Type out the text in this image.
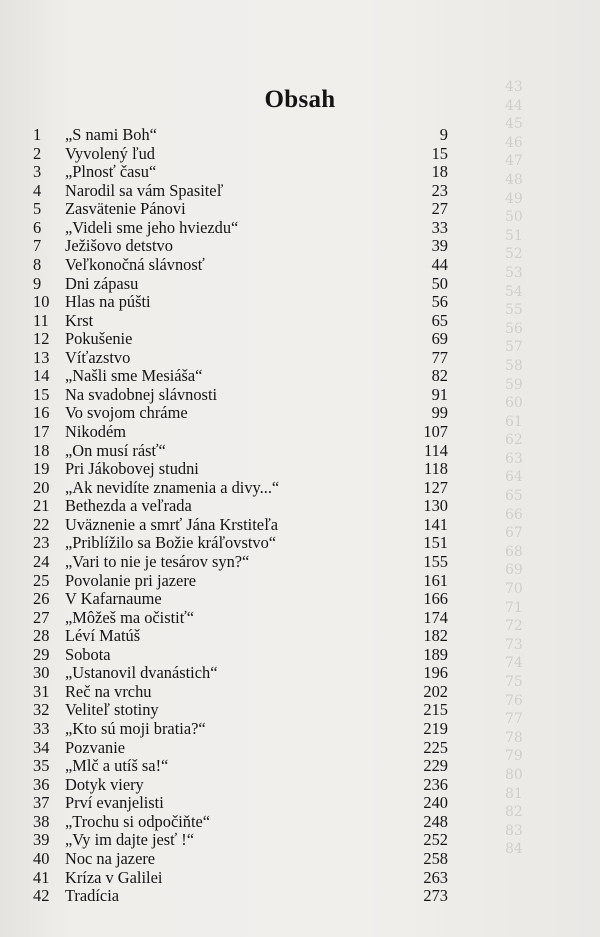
43
44
45
46
47
48
49
50
51
52
53
54
55
56
57
58
59
60
61
62
63
64
65
66
67
68
69
70
71
72
73
74
75
76
77
78
79
80
81
82
83
84
Obsah
1	„S nami Boh“	9
2	Vyvolený ľud	15
3	„Plnosť času“	18
4	Narodil sa vám Spasiteľ	23
5	Zasvätenie Pánovi	27
6	„Videli sme jeho hviezdu“	33
7	Ježišovo detstvo	39
8	Veľkonočná slávnosť	44
9	Dni zápasu	50
10 Hlas na púšti	56
11 Krst	65
12 Pokušenie	69
13 Víťazstvo	77
14 „Našli sme Mesiáša“	82
15 Na svadobnej slávnosti	91
16 Vo svojom chráme	99
17 Nikodém	107
18 „On musí rásť“	114
19 Pri Jákobovej studni	118
20 „Ak nevidíte znamenia a divy...“	127
21 Bethezda a veľrada	130
22 Uväznenie a smrť Jána Krstiteľa	141
23 „Priblížilo sa Božie kráľovstvo“	151
24 „Vari to nie je tesárov syn?“	155
25 Povolanie pri jazere	161
26 V Kafarnaume	166
27 „Môžeš ma očistiť“	174
28 Léví Matúš	182
29 Sobota	189
30 „Ustanovil dvanástich“	196
31 Reč na vrchu	202
32 Veliteľ stotiny	215
33 „Kto sú moji bratia?“	219
34 Pozvanie	225
35 „Mlč a utíš sa!“	229
36 Dotyk viery	236
37 Prví evanjelisti	240
38 „Trochu si odpočiňte“	248
39 „Vy im dajte jesť !“	252
40 Noc na jazere	258
41 Kríza v Galilei	263
42 Tradícia	273
